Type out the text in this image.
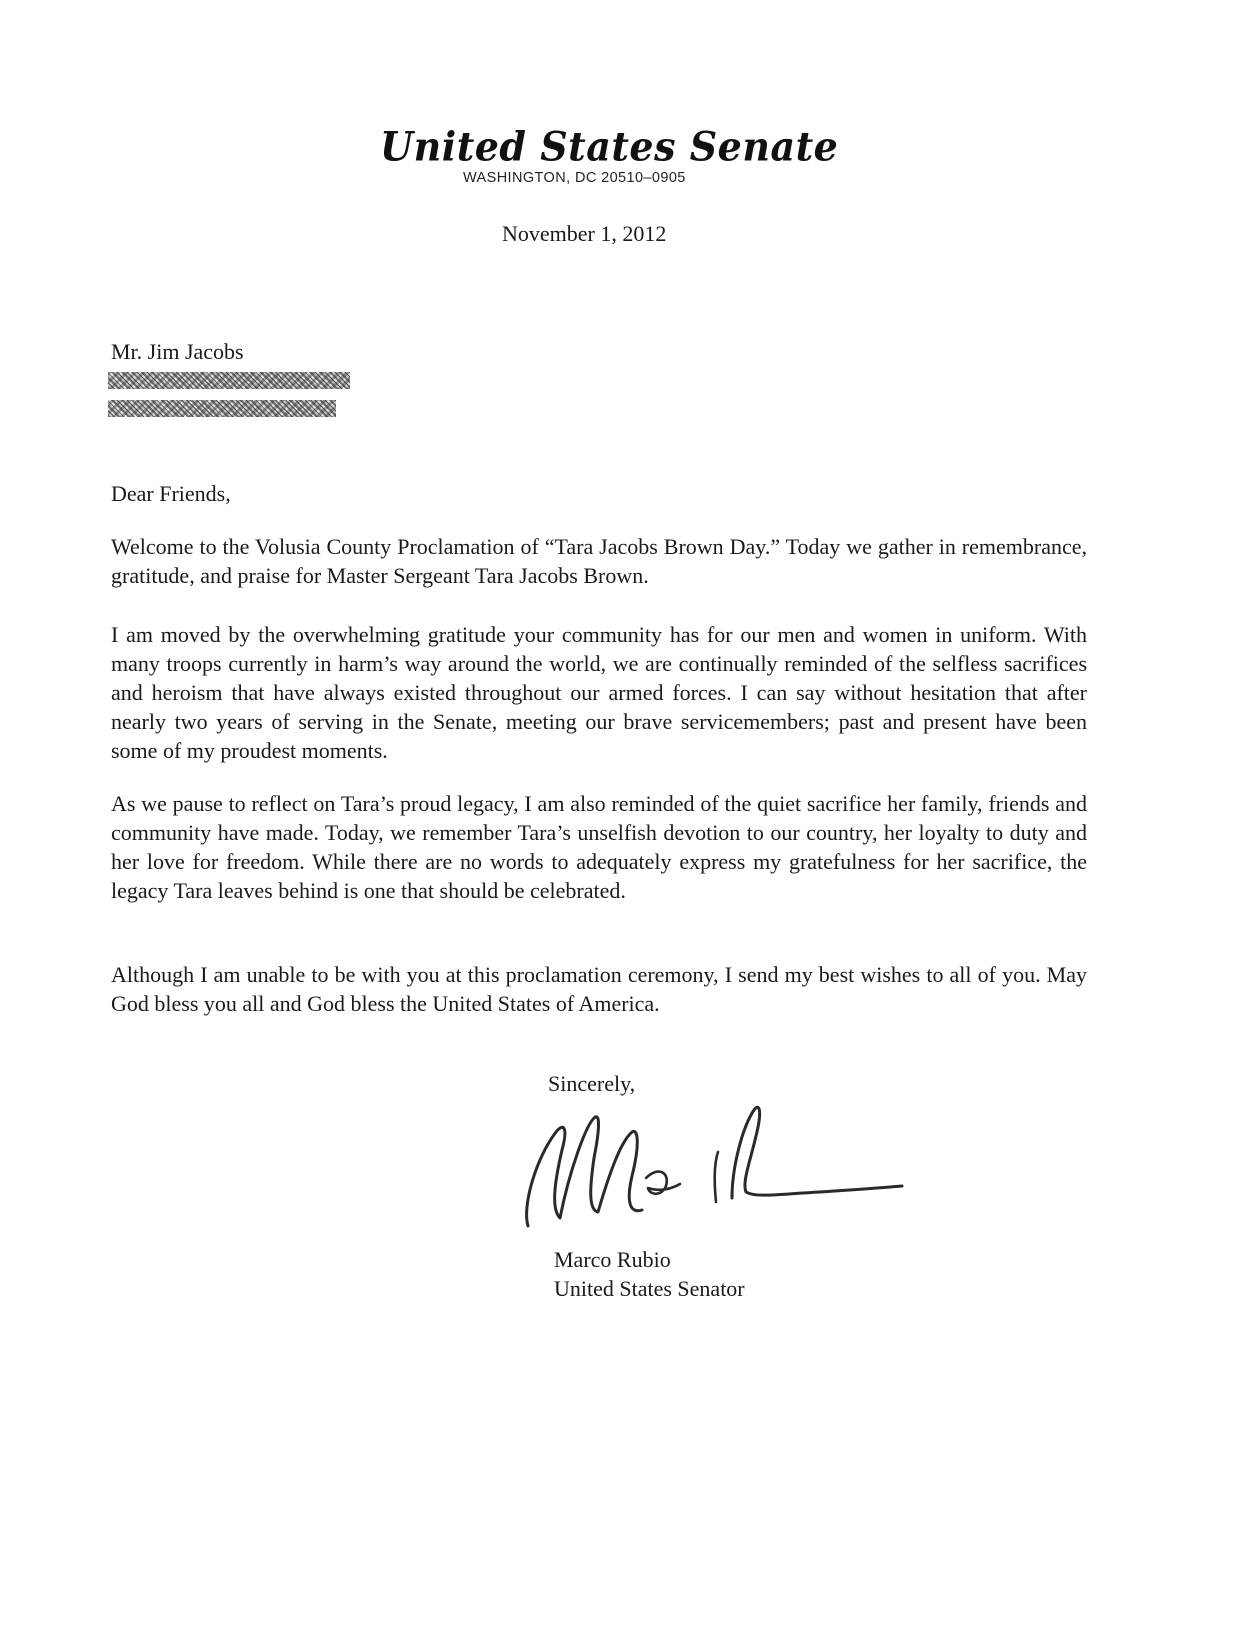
United States Senate
WASHINGTON, DC 20510–0905
November 1, 2012
Mr. Jim Jacobs
Dear Friends,
Welcome to the Volusia County Proclamation of “Tara Jacobs Brown Day.” Today we gather in remembrance, gratitude, and praise for Master Sergeant Tara Jacobs Brown.
I am moved by the overwhelming gratitude your community has for our men and women in uniform. With many troops currently in harm’s way around the world, we are continually reminded of the selfless sacrifices and heroism that have always existed throughout our armed forces. I can say without hesitation that after nearly two years of serving in the Senate, meeting our brave servicemembers; past and present have been some of my proudest moments.
As we pause to reflect on Tara’s proud legacy, I am also reminded of the quiet sacrifice her family, friends and community have made. Today, we remember Tara’s unselfish devotion to our country, her loyalty to duty and her love for freedom. While there are no words to adequately express my gratefulness for her sacrifice, the legacy Tara leaves behind is one that should be celebrated.
Although I am unable to be with you at this proclamation ceremony, I send my best wishes to all of you. May God bless you all and God bless the United States of America.
Sincerely,
Marco Rubio
United States Senator
